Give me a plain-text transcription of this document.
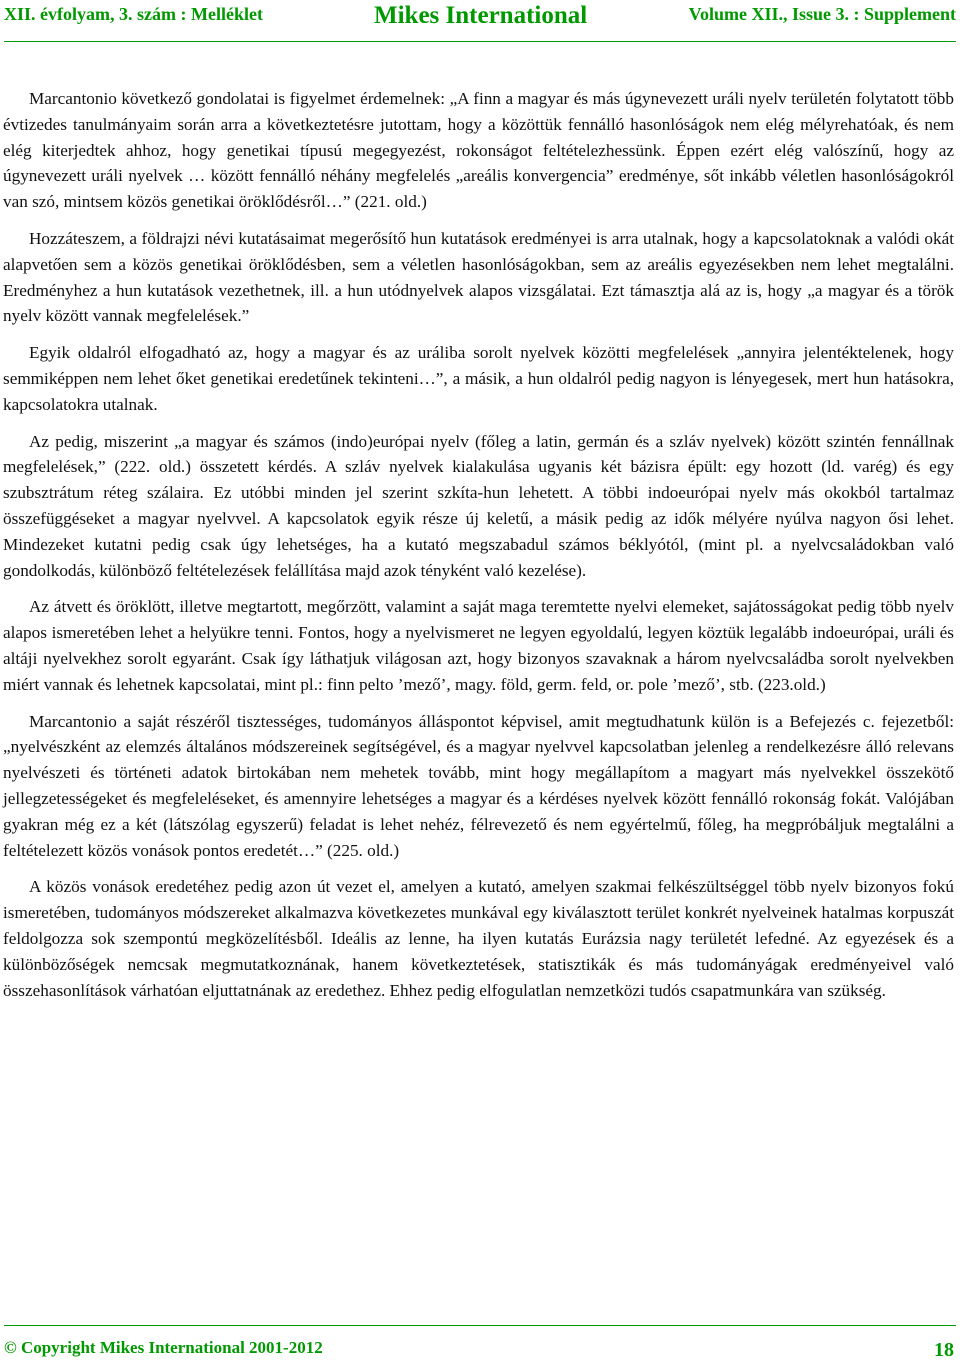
XII. évfolyam, 3. szám : Melléklet	Mikes International	Volume XII., Issue 3. : Supplement

Marcantonio következő gondolatai is figyelmet érdemelnek: „A finn a magyar és más úgynevezett uráli nyelv területén folytatott több évtizedes tanulmányaim során arra a következtetésre jutottam, hogy a közöttük fennálló hasonlóságok nem elég mélyrehatóak, és nem elég kiterjedtek ahhoz, hogy genetikai típusú megegyezést, rokonságot feltételezhessünk. Éppen ezért elég valószínű, hogy az úgynevezett uráli nyelvek … között fennálló néhány megfelelés „areális konvergencia” eredménye, sőt inkább véletlen hasonlóságokról van szó, mintsem közös genetikai öröklődésről…” (221. old.)

Hozzáteszem, a földrajzi névi kutatásaimat megerősítő hun kutatások eredményei is arra utalnak, hogy a kapcsolatoknak a valódi okát alapvetően sem a közös genetikai öröklődésben, sem a véletlen hasonlóságokban, sem az areális egyezésekben nem lehet megtalálni. Eredményhez a hun kutatások vezethetnek, ill. a hun utódnyelvek alapos vizsgálatai. Ezt támasztja alá az is, hogy „a magyar és a török nyelv között vannak megfelelések.”

Egyik oldalról elfogadható az, hogy a magyar és az uráliba sorolt nyelvek közötti megfelelések „annyira jelentéktelenek, hogy semmiképpen nem lehet őket genetikai eredetűnek tekinteni…”, a másik, a hun oldalról pedig nagyon is lényegesek, mert hun hatásokra, kapcsolatokra utalnak.

Az pedig, miszerint „a magyar és számos (indo)európai nyelv (főleg a latin, germán és a szláv nyelvek) között szintén fennállnak megfelelések,” (222. old.) összetett kérdés. A szláv nyelvek kialakulása ugyanis két bázisra épült: egy hozott (ld. varég) és egy szubsztrátum réteg szálaira. Ez utóbbi minden jel szerint szkíta-hun lehetett. A többi indoeurópai nyelv más okokból tartalmaz összefüggéseket a magyar nyelvvel. A kapcsolatok egyik része új keletű, a másik pedig az idők mélyére nyúlva nagyon ősi lehet. Mindezeket kutatni pedig csak úgy lehetséges, ha a kutató megszabadul számos béklyótól, (mint pl. a nyelvcsaládokban való gondolkodás, különböző feltételezések felállítása majd azok tényként való kezelése).

Az átvett és öröklött, illetve megtartott, megőrzött, valamint a saját maga teremtette nyelvi elemeket, sajátosságokat pedig több nyelv alapos ismeretében lehet a helyükre tenni. Fontos, hogy a nyelvismeret ne legyen egyoldalú, legyen köztük legalább indoeurópai, uráli és altáji nyelvekhez sorolt egyaránt. Csak így láthatjuk világosan azt, hogy bizonyos szavaknak a három nyelvcsaládba sorolt nyelvekben miért vannak és lehetnek kapcsolatai, mint pl.: finn pelto ’mező’, magy. föld, germ. feld, or. pole ’mező’, stb. (223.old.)

Marcantonio a saját részéről tisztességes, tudományos álláspontot képvisel, amit megtudhatunk külön is a Befejezés c. fejezetből: „nyelvészként az elemzés általános módszereinek segítségével, és a magyar nyelvvel kapcsolatban jelenleg a rendelkezésre álló relevans nyelvészeti és történeti adatok birtokában nem mehetek tovább, mint hogy megállapítom a magyart más nyelvekkel összekötő jellegzetességeket és megfeleléseket, és amennyire lehetséges a magyar és a kérdéses nyelvek között fennálló rokonság fokát. Valójában gyakran még ez a két (látszólag egyszerű) feladat is lehet nehéz, félrevezető és nem egyértelmű, főleg, ha megpróbáljuk megtalálni a feltételezett közös vonások pontos eredetét…” (225. old.)

A közös vonások eredetéhez pedig azon út vezet el, amelyen a kutató, amelyen szakmai felkészültséggel több nyelv bizonyos fokú ismeretében, tudományos módszereket alkalmazva következetes munkával egy kiválasztott terület konkrét nyelveinek hatalmas korpuszát feldolgozza sok szempontú megközelítésből. Ideális az lenne, ha ilyen kutatás Eurázsia nagy területét lefedné. Az egyezések és a különbözőségek nemcsak megmutatkoznának, hanem következtetések, statisztikák és más tudományágak eredményeivel való összehasonlítások várhatóan eljuttatnának az eredethez. Ehhez pedig elfogulatlan nemzetközi tudós csapatmunkára van szükség.

© Copyright Mikes International 2001-2012	18
